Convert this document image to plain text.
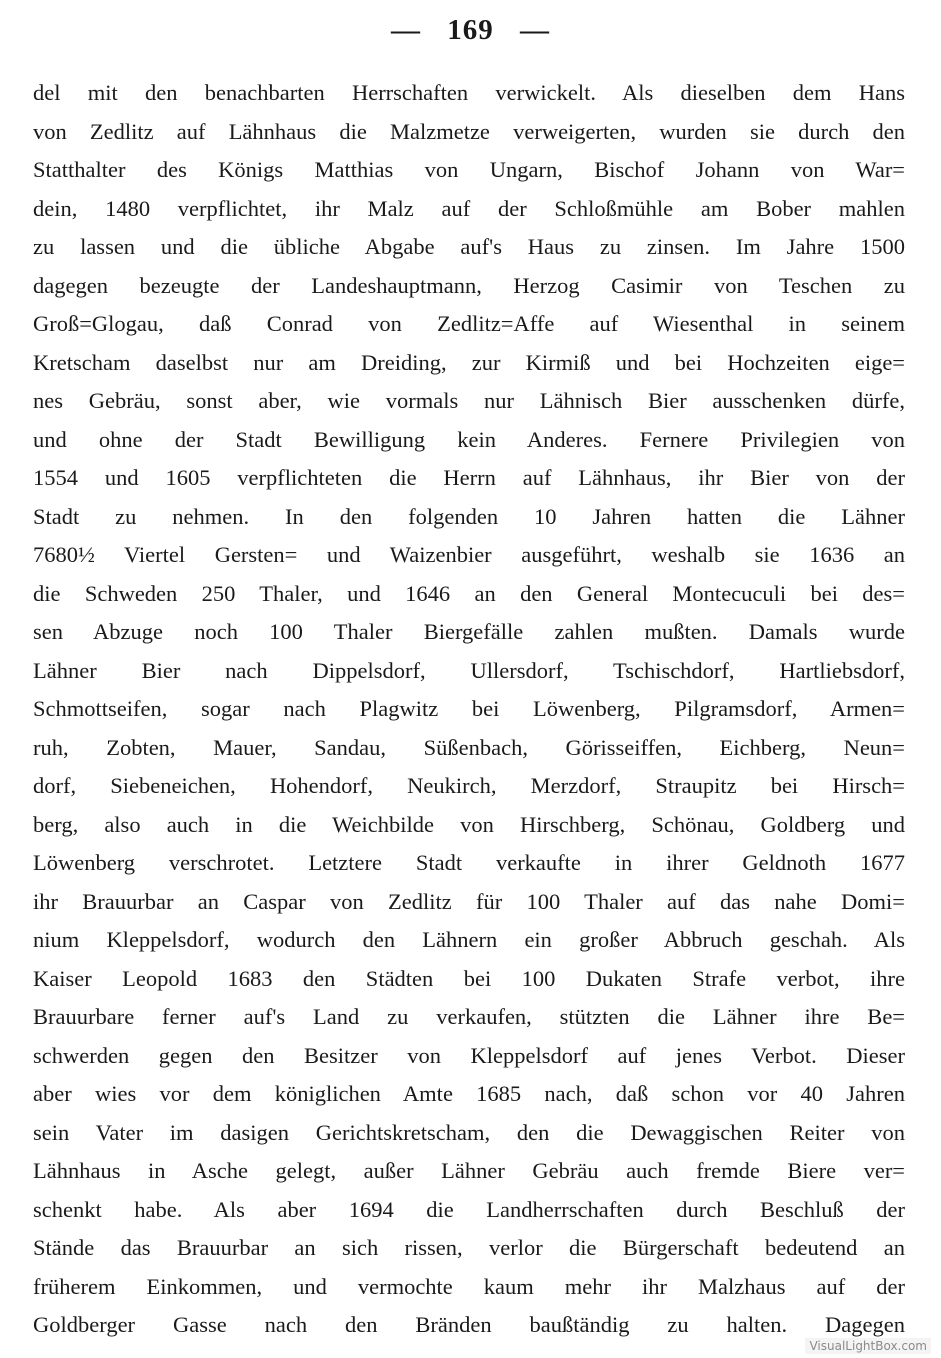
— 169 —
del mit den benachbarten Herrschaften verwickelt. Als dieselben dem Hans
von Zedlitz auf Lähnhaus die Malzmetze verweigerten, wurden sie durch den
Statthalter des Königs Matthias von Ungarn, Bischof Johann von War=
dein, 1480 verpflichtet, ihr Malz auf der Schloßmühle am Bober mahlen
zu lassen und die übliche Abgabe auf's Haus zu zinsen. Im Jahre 1500
dagegen bezeugte der Landeshauptmann, Herzog Casimir von Teschen zu
Groß=Glogau, daß Conrad von Zedlitz=Affe auf Wiesenthal in seinem
Kretscham daselbst nur am Dreiding, zur Kirmiß und bei Hochzeiten eige=
nes Gebräu, sonst aber, wie vormals nur Lähnisch Bier ausschenken dürfe,
und ohne der Stadt Bewilligung kein Anderes. Fernere Privilegien von
1554 und 1605 verpflichteten die Herrn auf Lähnhaus, ihr Bier von der
Stadt zu nehmen. In den folgenden 10 Jahren hatten die Lähner
7680½ Viertel Gersten= und Waizenbier ausgeführt, weshalb sie 1636 an
die Schweden 250 Thaler, und 1646 an den General Montecuculi bei des=
sen Abzuge noch 100 Thaler Biergefälle zahlen mußten. Damals wurde
Lähner Bier nach Dippelsdorf, Ullersdorf, Tschischdorf, Hartliebsdorf,
Schmottseifen, sogar nach Plagwitz bei Löwenberg, Pilgramsdorf, Armen=
ruh, Zobten, Mauer, Sandau, Süßenbach, Görisseiffen, Eichberg, Neun=
dorf, Siebeneichen, Hohendorf, Neukirch, Merzdorf, Straupitz bei Hirsch=
berg, also auch in die Weichbilde von Hirschberg, Schönau, Goldberg und
Löwenberg verschrotet. Letztere Stadt verkaufte in ihrer Geldnoth 1677
ihr Brauurbar an Caspar von Zedlitz für 100 Thaler auf das nahe Domi=
nium Kleppelsdorf, wodurch den Lähnern ein großer Abbruch geschah. Als
Kaiser Leopold 1683 den Städten bei 100 Dukaten Strafe verbot, ihre
Brauurbare ferner auf's Land zu verkaufen, stützten die Lähner ihre Be=
schwerden gegen den Besitzer von Kleppelsdorf auf jenes Verbot. Dieser
aber wies vor dem königlichen Amte 1685 nach, daß schon vor 40 Jahren
sein Vater im dasigen Gerichtskretscham, den die Dewaggischen Reiter von
Lähnhaus in Asche gelegt, außer Lähner Gebräu auch fremde Biere ver=
schenkt habe. Als aber 1694 die Landherrschaften durch Beschluß der
Stände das Brauurbar an sich rissen, verlor die Bürgerschaft bedeutend an
früherem Einkommen, und vermochte kaum mehr ihr Malzhaus auf der
Goldberger Gasse nach den Bränden baußtändig zu halten. Dagegen
VisualLightBox.com
